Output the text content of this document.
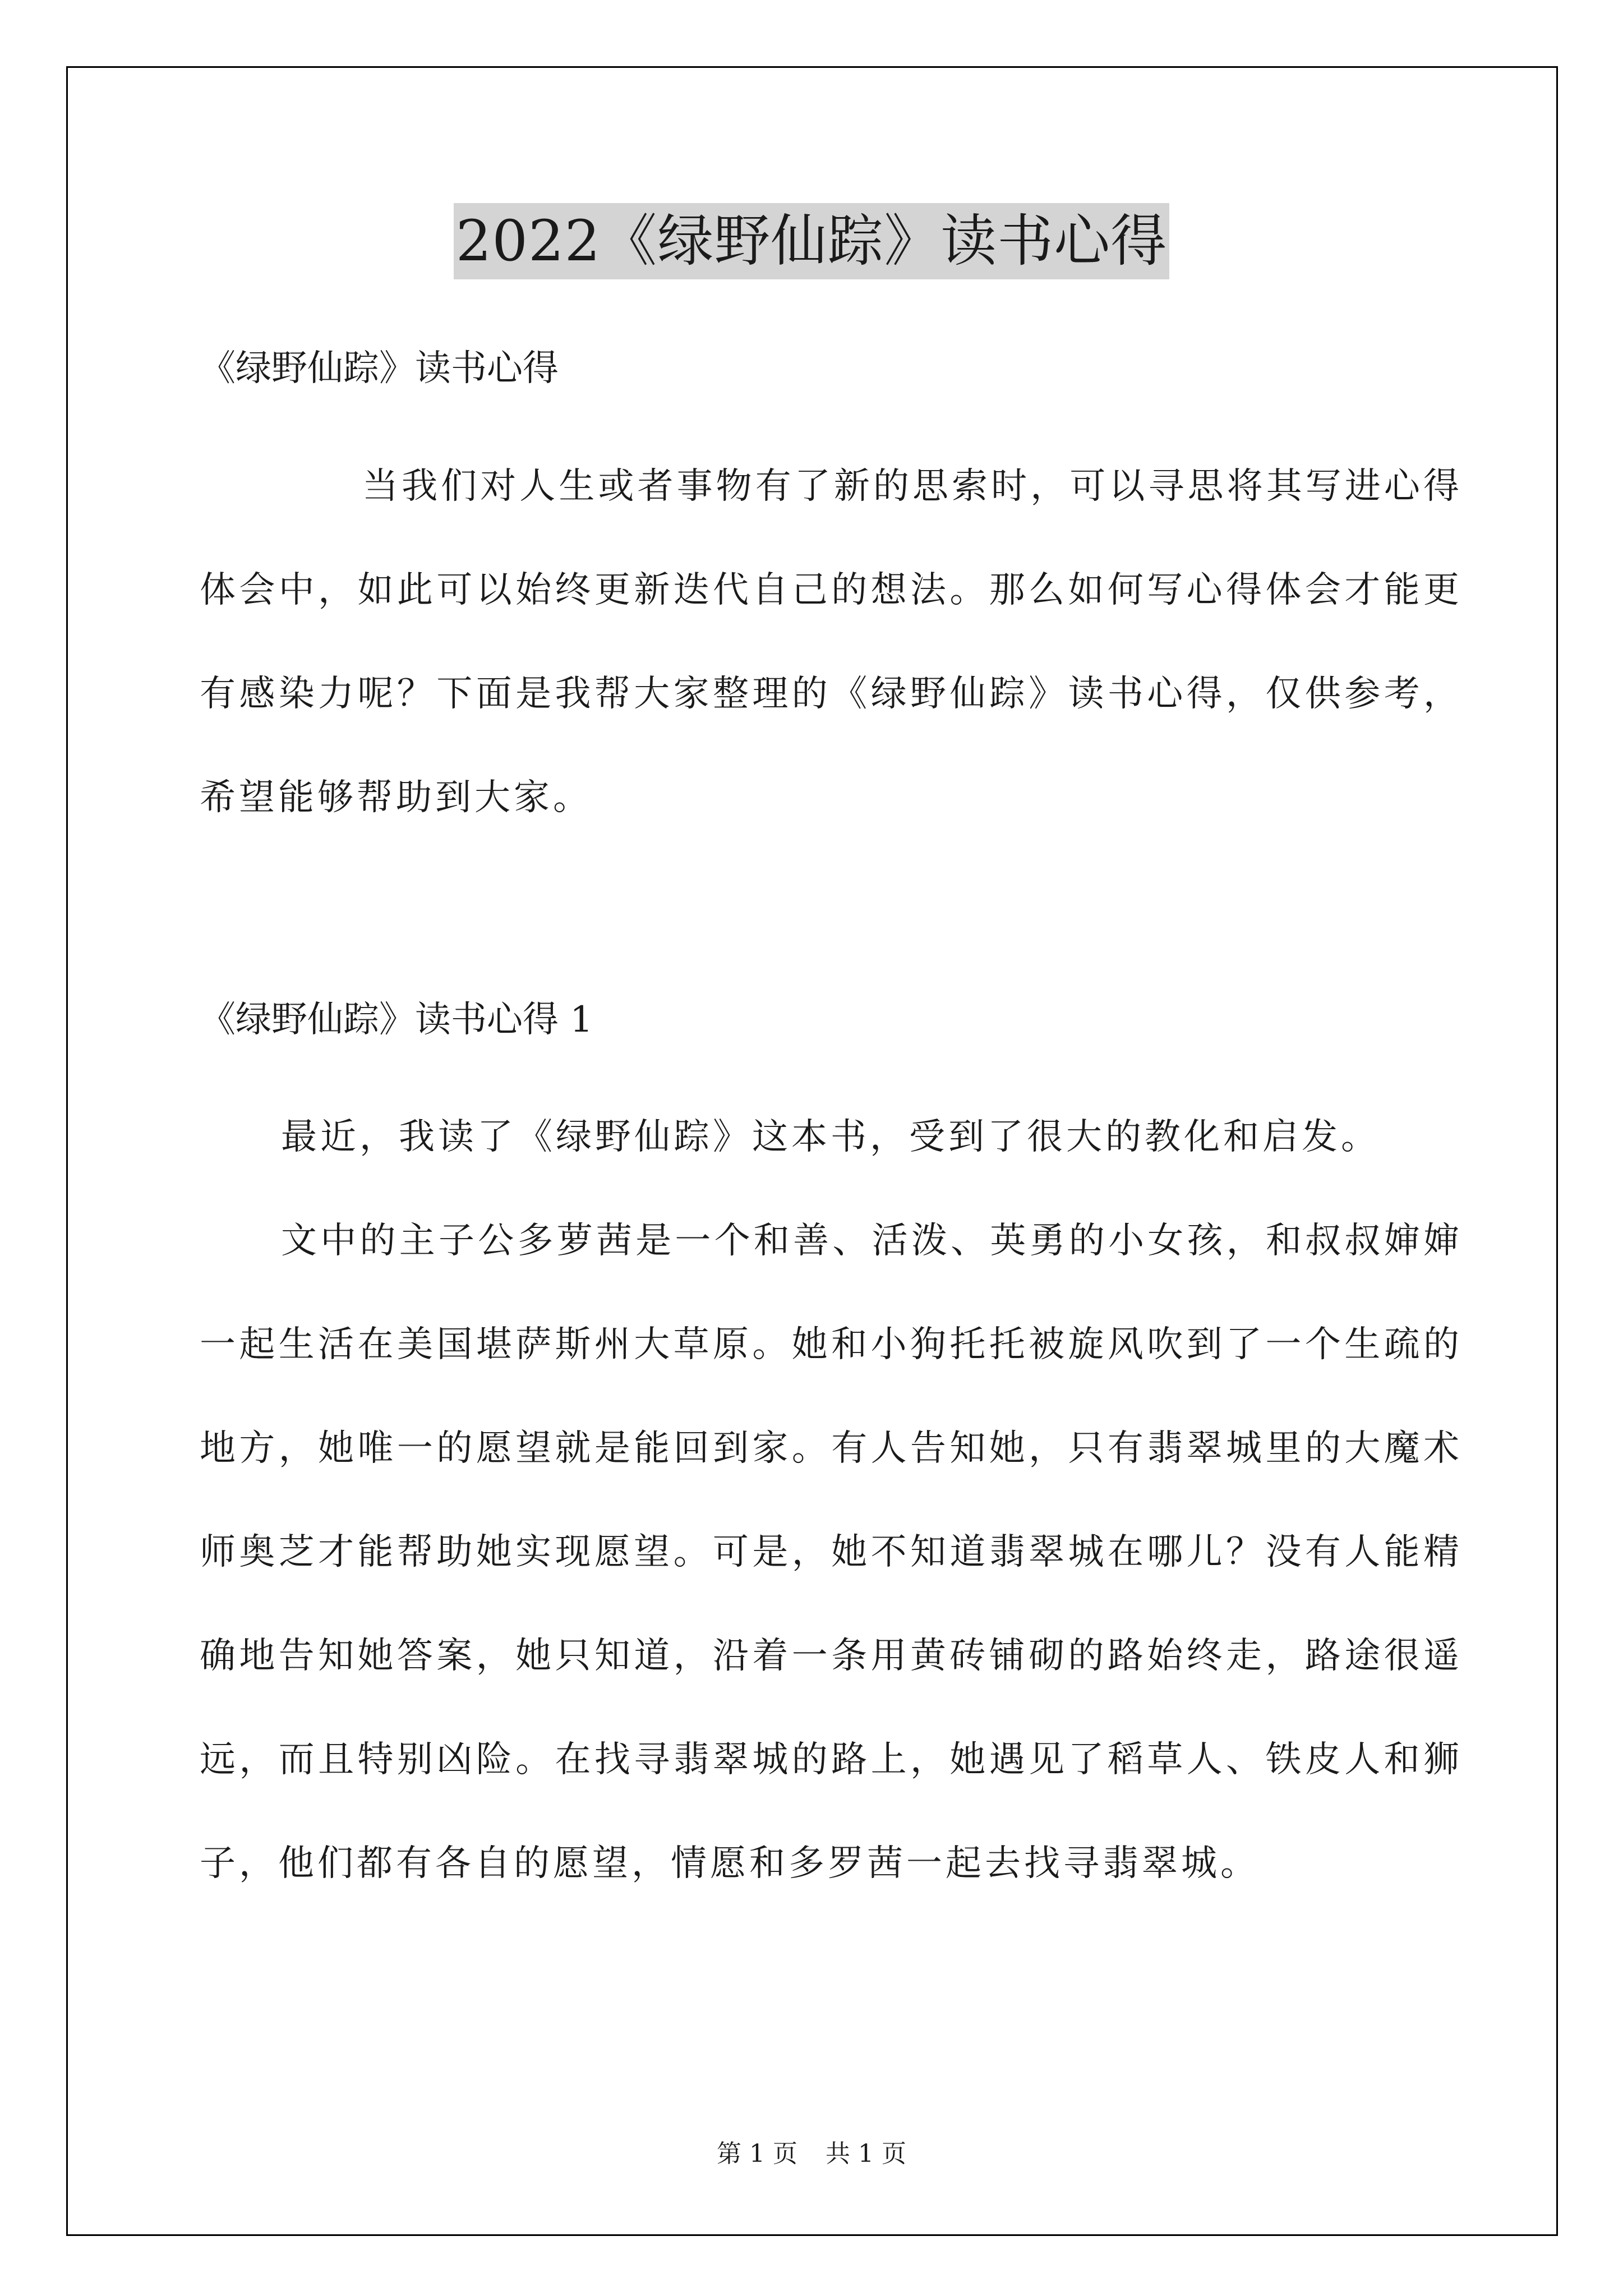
2022《绿野仙踪》读书心得
《绿野仙踪》读书心得

当我们对人生或者事物有了新的思索时，可以寻思将其写进心得体会中，如此可以始终更新迭代自己的想法。那么如何写心得体会才能更有感染力呢？下面是我帮大家整理的《绿野仙踪》读书心得，仅供参考，希望能够帮助到大家。

《绿野仙踪》读书心得 1

最近，我读了《绿野仙踪》这本书，受到了很大的教化和启发。

文中的主子公多萝茜是一个和善、活泼、英勇的小女孩，和叔叔婶婶一起生活在美国堪萨斯州大草原。她和小狗托托被旋风吹到了一个生疏的地方，她唯一的愿望就是能回到家。有人告知她，只有翡翠城里的大魔术师奥芝才能帮助她实现愿望。可是，她不知道翡翠城在哪儿？没有人能精确地告知她答案，她只知道，沿着一条用黄砖铺砌的路始终走，路途很遥远，而且特别凶险。在找寻翡翠城的路上，她遇见了稻草人、铁皮人和狮子，他们都有各自的愿望，情愿和多罗茜一起去找寻翡翠城。

第 1 页 共 1 页
